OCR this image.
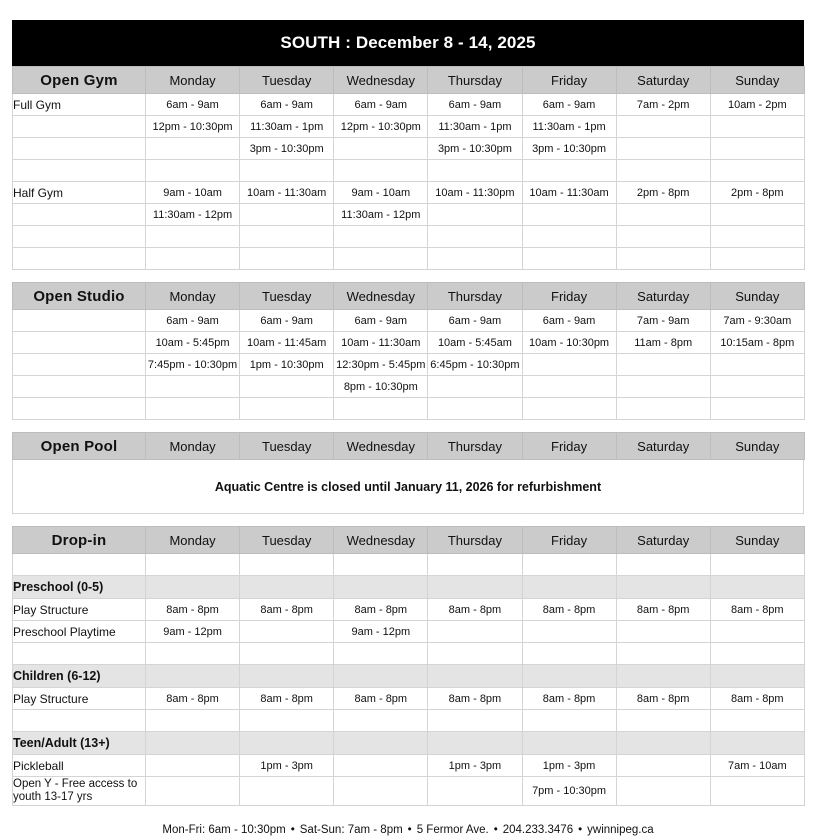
SOUTH : December 8 - 14, 2025
Open Gym	Monday	Tuesday	Wednesday	Thursday	Friday	Saturday	Sunday
Full Gym	6am - 9am	6am - 9am	6am - 9am	6am - 9am	6am - 9am	7am - 2pm	10am - 2pm
	12pm - 10:30pm	11:30am - 1pm	12pm - 10:30pm	11:30am - 1pm	11:30am - 1pm		
		3pm - 10:30pm		3pm - 10:30pm	3pm - 10:30pm		

Half Gym	9am - 10am	10am - 11:30am	9am - 10am	10am - 11:30pm	10am - 11:30am	2pm - 8pm	2pm - 8pm
	11:30am - 12pm		11:30am - 12pm				

Open Studio	Monday	Tuesday	Wednesday	Thursday	Friday	Saturday	Sunday
	6am - 9am	6am - 9am	6am - 9am	6am - 9am	6am - 9am	7am - 9am	7am - 9:30am
	10am - 5:45pm	10am - 11:45am	10am - 11:30am	10am - 5:45am	10am - 10:30pm	11am - 8pm	10:15am - 8pm
	7:45pm - 10:30pm	1pm - 10:30pm	12:30pm - 5:45pm	6:45pm - 10:30pm			
			8pm - 10:30pm				

Open Pool	Monday	Tuesday	Wednesday	Thursday	Friday	Saturday	Sunday
Aquatic Centre is closed until January 11, 2026 for refurbishment
Drop-in	Monday	Tuesday	Wednesday	Thursday	Friday	Saturday	Sunday

Preschool (0-5)							
Play Structure	8am - 8pm	8am - 8pm	8am - 8pm	8am - 8pm	8am - 8pm	8am - 8pm	8am - 8pm
Preschool Playtime	9am - 12pm		9am - 12pm				

Children (6-12)							
Play Structure	8am - 8pm	8am - 8pm	8am - 8pm	8am - 8pm	8am - 8pm	8am - 8pm	8am - 8pm

Teen/Adult (13+)							
Pickleball		1pm - 3pm		1pm - 3pm	1pm - 3pm		7am - 10am
Open Y - Free access to youth 13-17 yrs					7pm - 10:30pm		
Mon-Fri: 6am - 10:30pm • Sat-Sun: 7am - 8pm • 5 Fermor Ave. • 204.233.3476 • ywinnipeg.ca
